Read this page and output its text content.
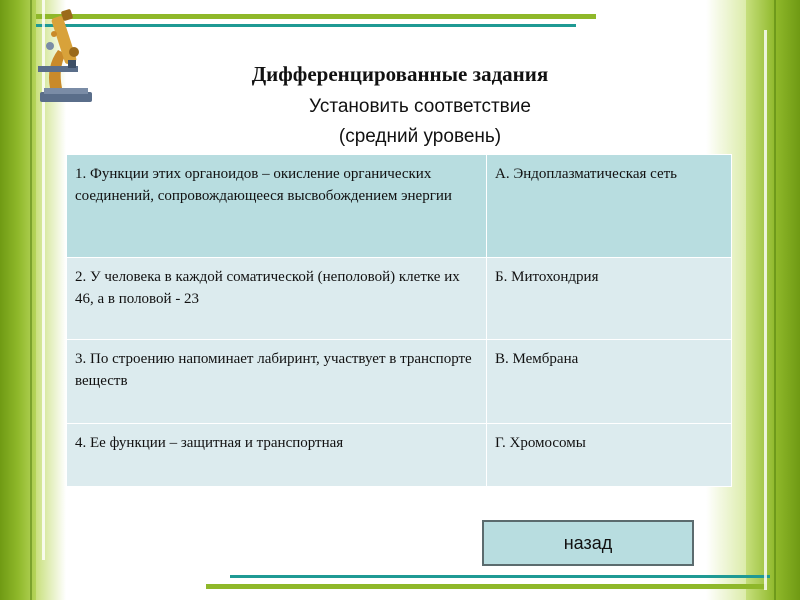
Дифференцированные задания
Установить соответствие
(средний уровень)
1. Функции этих органоидов – окисление органических соединений, сопровождающееся высвобождением энергии	А. Эндоплазматическая сеть
2. У человека в каждой соматической (неполовой) клетке их 46, а в половой - 23	Б. Митохондрия
3. По строению напоминает лабиринт, участвует в транспорте веществ	В. Мембрана
4. Ее функции – защитная и транспортная	Г. Хромосомы
назад
